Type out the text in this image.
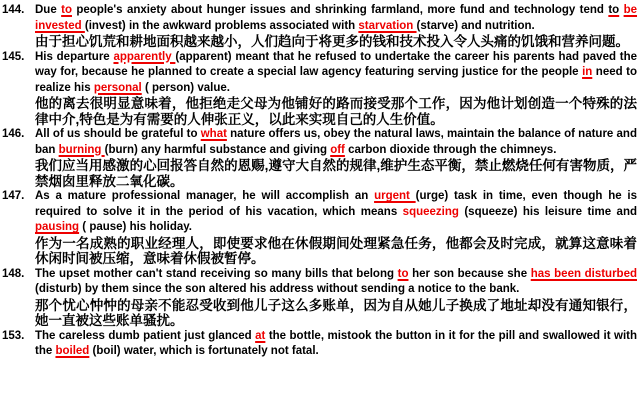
144. Due to people's anxiety about hunger issues and shrinking farmland, more fund and technology tend to be invested (invest) in the awkward problems associated with starvation (starve) and nutrition.
由于担心饥荒和耕地面积越来越小，人们趋向于将更多的钱和技术投入令人头痛的饥饿和营养问题。
145. His departure apparently (apparent) meant that he refused to undertake the career his parents had paved the way for, because he planned to create a special law agency featuring serving justice for the people in need to realize his personal ( person) value.
他的离去很明显意味着，他拒绝走父母为他铺好的路而接受那个工作，因为他计划创造一个特殊的法律中介,特色是为有需要的人伸张正义，以此来实现自己的人生价值。
146. All of us should be grateful to what nature offers us, obey the natural laws, maintain the balance of nature and ban burning (burn) any harmful substance and giving off carbon dioxide through the chimneys.
我们应当用感激的心回报答自然的恩赐,遵守大自然的规律,维护生态平衡，禁止燃烧任何有害物质，严禁烟囱里释放二氧化碳。
147. As a mature professional manager, he will accomplish an urgent (urge) task in time, even though he is required to solve it in the period of his vacation, which means squeezing (squeeze) his leisure time and pausing ( pause) his holiday.
作为一名成熟的职业经理人，即使要求他在休假期间处理紧急任务，他都会及时完成，就算这意味着休闲时间被压缩，意味着休假被暂停。
148. The upset mother can't stand receiving so many bills that belong to her son because she has been disturbed (disturb) by them since the son altered his address without sending a notice to the bank.
那个忧心忡忡的母亲不能忍受收到他儿子这么多账单，因为自从她儿子换成了地址却没有通知银行，她一直被这些账单骚扰。
153. The careless dumb patient just glanced at the bottle, mistook the button in it for the pill and swallowed it with the boiled (boil) water, which is fortunately not fatal.
